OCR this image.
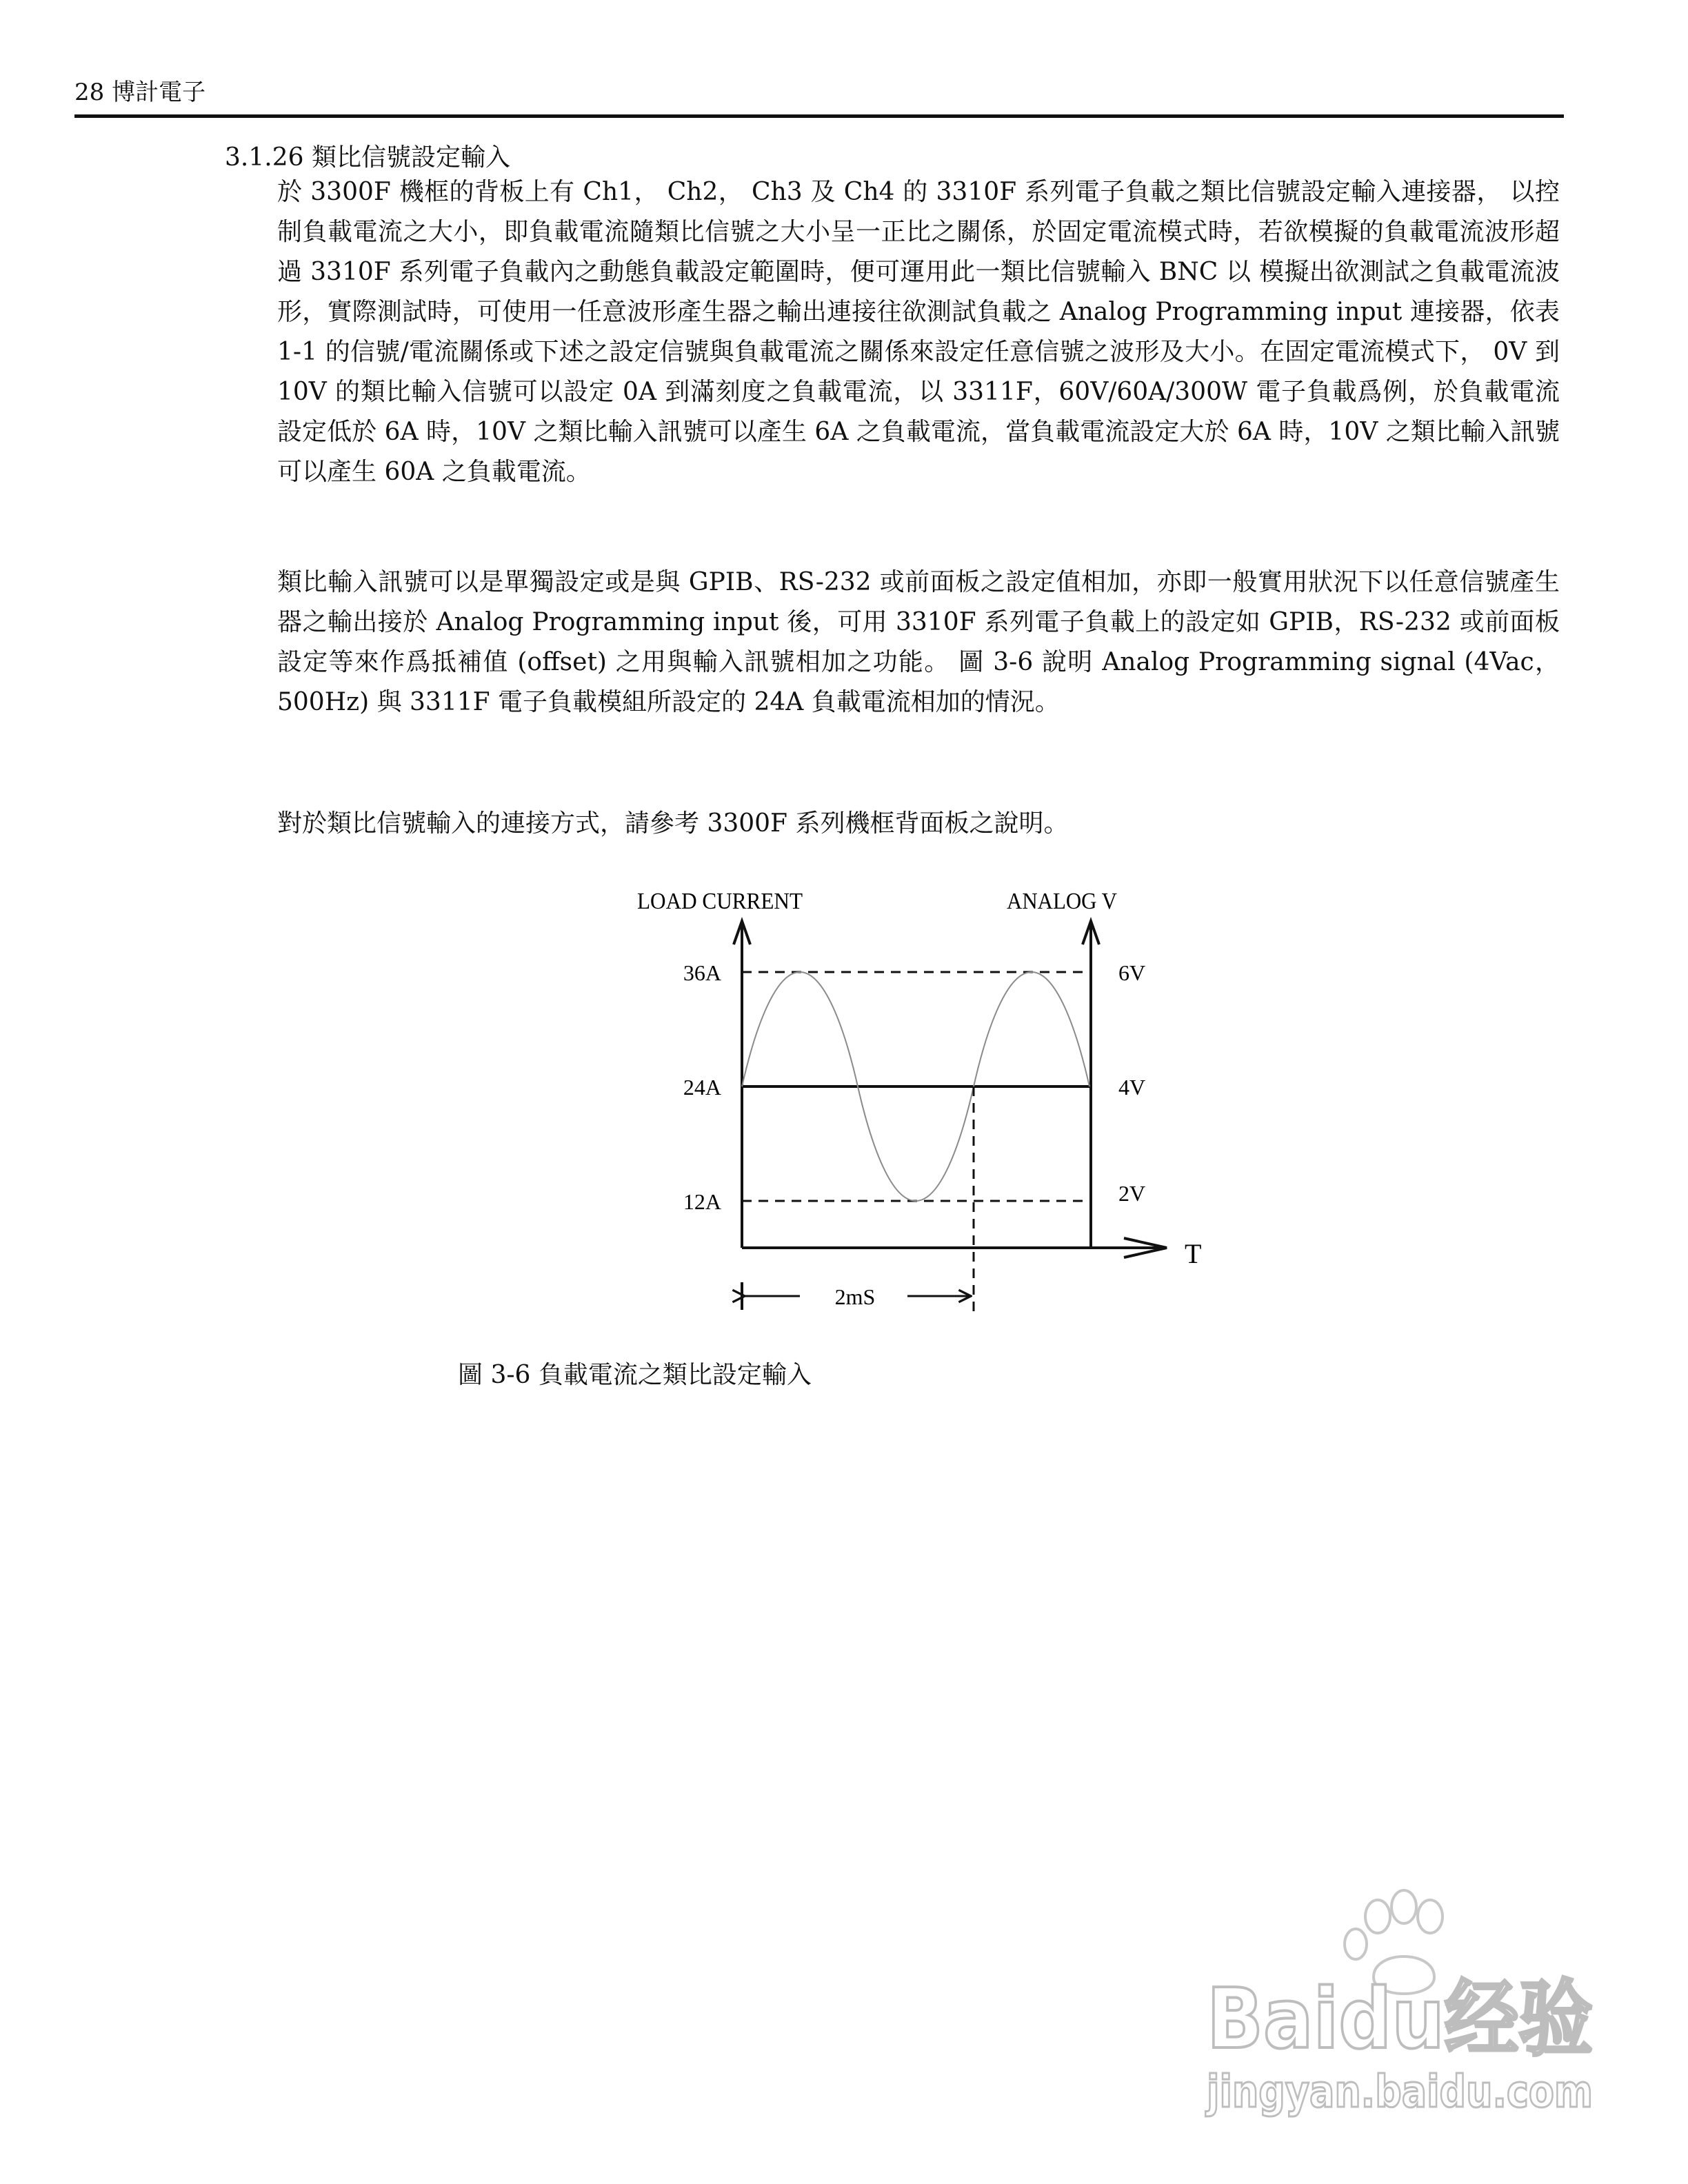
28 博計電子
3.1.26 類比信號設定輸入

於 3300F 機框的背板上有 Ch1， Ch2， Ch3 及 Ch4 的 3310F 系列電子負載之類比信號設定輸入連接器， 以控制負載電流之大小，即負載電流隨類比信號之大小呈一正比之關係，於固定電流模式時，若欲模擬的負載電流波形超過 3310F 系列電子負載內之動態負載設定範圍時，便可運用此一類比信號輸入 BNC 以 模擬出欲測試之負載電流波形，實際測試時，可使用一任意波形產生器之輸出連接往欲測試負載之 Analog Programming input 連接器，依表 1-1 的信號/電流關係或下述之設定信號與負載電流之關係來設定任意信號之波形及大小。在固定電流模式下， 0V 到 10V 的類比輸入信號可以設定 0A 到滿刻度之負載電流，以 3311F，60V/60A/300W 電子負載爲例，於負載電流設定低於 6A 時，10V 之類比輸入訊號可以產生 6A 之負載電流，當負載電流設定大於 6A 時，10V 之類比輸入訊號可以產生 60A 之負載電流。

類比輸入訊號可以是單獨設定或是與 GPIB、RS-232 或前面板之設定值相加，亦即一般實用狀況下以任意信號產生器之輸出接於 Analog Programming input 後，可用 3310F 系列電子負載上的設定如 GPIB，RS-232 或前面板設定等來作爲抵補值 (offset) 之用與輸入訊號相加之功能。 圖 3-6 說明 Analog Programming signal (4Vac，500Hz) 與 3311F 電子負載模組所設定的 24A 負載電流相加的情況。

對於類比信號輸入的連接方式，請參考 3300F 系列機框背面板之說明。

LOAD CURRENT	ANALOG V
T
2mS
36A
24A
12A
6V
4V
2V
圖 3-6 負載電流之類比設定輸入
Baidu经验
jingyan.baidu.com
